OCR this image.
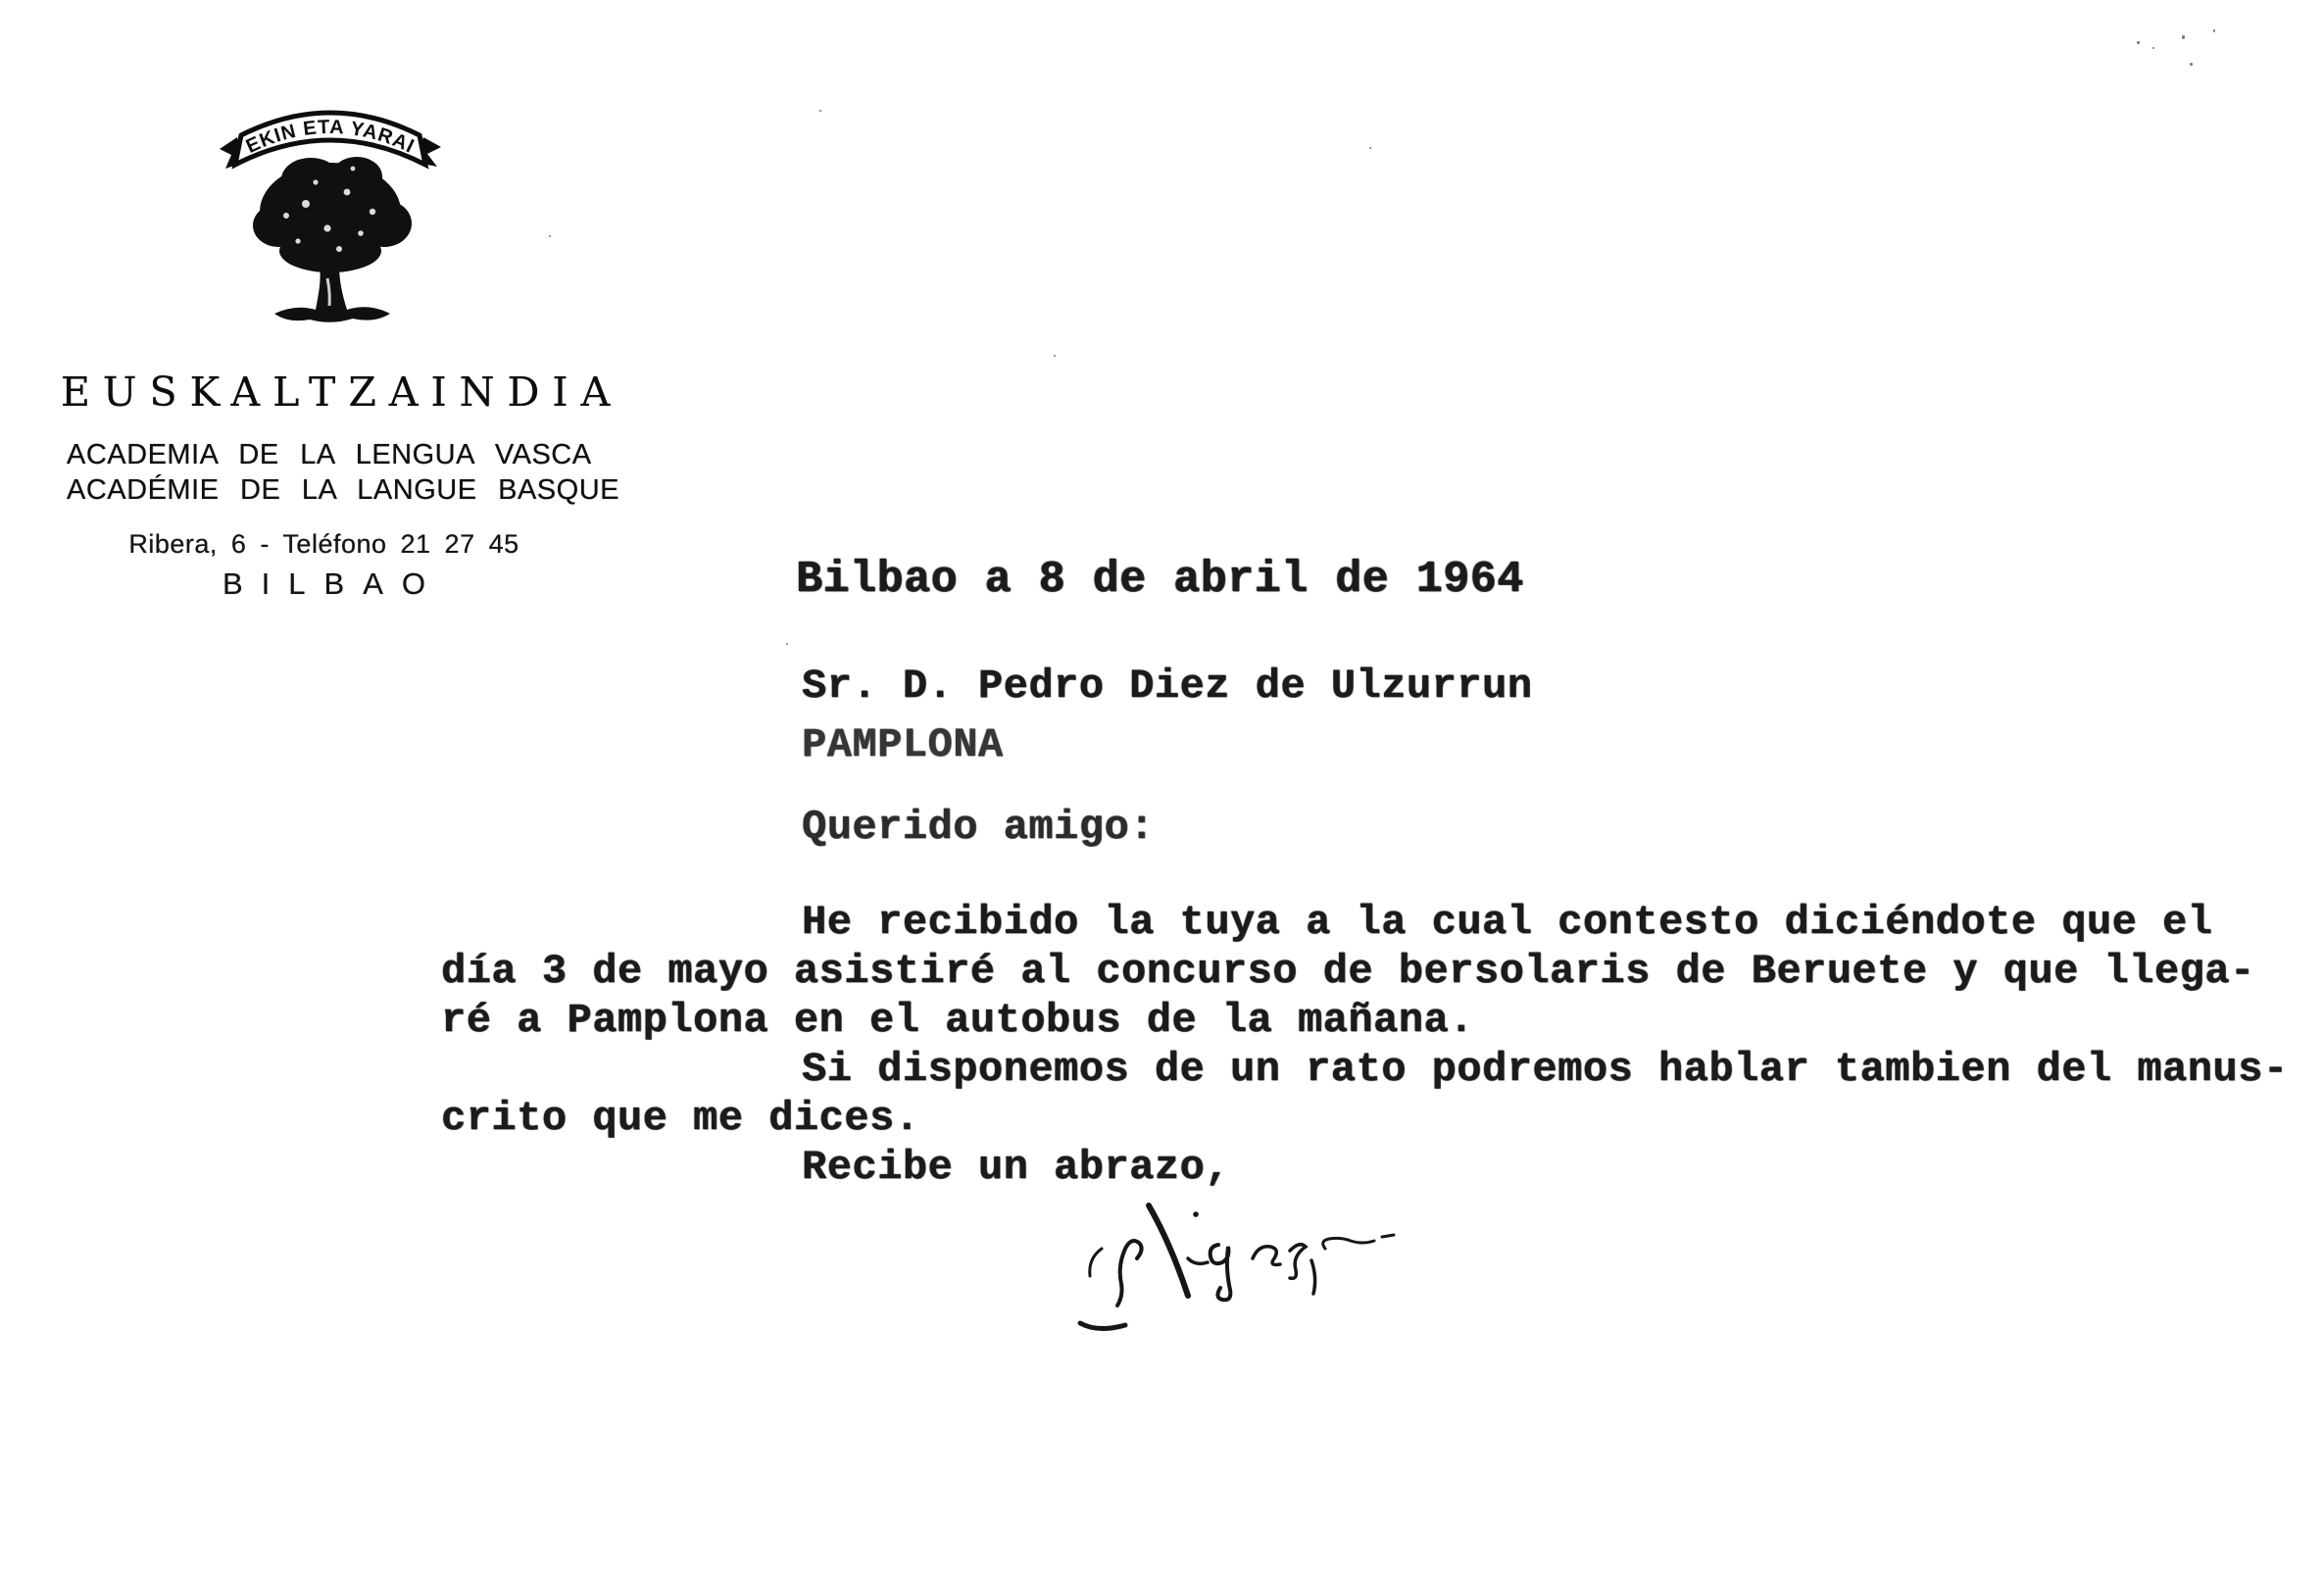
EKIN ETA YARAI
EUSKALTZAINDIA
ACADEMIA DE LA LENGUA VASCA
ACADÉMIE DE LA LANGUE BASQUE
Ribera, 6 - Teléfono 21 27 45
BILBAO	Bilbao a 8 de abril de 1964
Sr. D. Pedro Diez de Ulzurrun
PAMPLONA
Querido amigo:
He recibido la tuya a la cual contesto diciéndote que el
día 3 de mayo asistiré al concurso de bersolaris de Beruete y que llega-
ré a Pamplona en el autobus de la mañana.
Si disponemos de un rato podremos hablar tambien del manus-
crito que me dices.
Recibe un abrazo,
